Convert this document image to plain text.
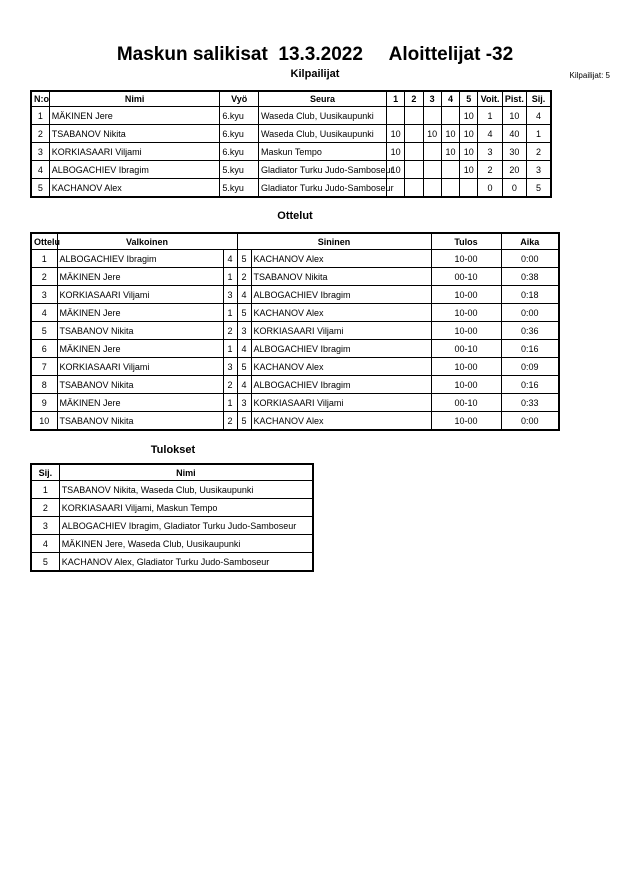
Maskun salikisat  13.3.2022     Aloittelijat -32
Kilpailijat	Kilpailijat: 5
N:o	Nimi	Vyö	Seura	1	2	3	4	5	Voit.	Pist.	Sij.
1	MÄKINEN Jere	6.kyu	Waseda Club, Uusikaupunki					10	1	10	4
2	TSABANOV Nikita	6.kyu	Waseda Club, Uusikaupunki	10		10	10	10	4	40	1
3	KORKIASAARI Viljami	6.kyu	Maskun Tempo	10			10	10	3	30	2
4	ALBOGACHIEV Ibragim	5.kyu	Gladiator Turku Judo-Samboseur	10				10	2	20	3
5	KACHANOV Alex	5.kyu	Gladiator Turku Judo-Samboseur						0	0	5
Ottelut
Ottelu	Valkoinen		Sininen		Tulos	Aika
1	ALBOGACHIEV Ibragim	4	5	KACHANOV Alex	10-00	0:00
2	MÄKINEN Jere	1	2	TSABANOV Nikita	00-10	0:38
3	KORKIASAARI Viljami	3	4	ALBOGACHIEV Ibragim	10-00	0:18
4	MÄKINEN Jere	1	5	KACHANOV Alex	10-00	0:00
5	TSABANOV Nikita	2	3	KORKIASAARI Viljami	10-00	0:36
6	MÄKINEN Jere	1	4	ALBOGACHIEV Ibragim	00-10	0:16
7	KORKIASAARI Viljami	3	5	KACHANOV Alex	10-00	0:09
8	TSABANOV Nikita	2	4	ALBOGACHIEV Ibragim	10-00	0:16
9	MÄKINEN Jere	1	3	KORKIASAARI Viljami	00-10	0:33
10	TSABANOV Nikita	2	5	KACHANOV Alex	10-00	0:00
Tulokset
Sij.	Nimi
1	TSABANOV Nikita, Waseda Club, Uusikaupunki
2	KORKIASAARI Viljami, Maskun Tempo
3	ALBOGACHIEV Ibragim, Gladiator Turku Judo-Samboseur
4	MÄKINEN Jere, Waseda Club, Uusikaupunki
5	KACHANOV Alex, Gladiator Turku Judo-Samboseur
